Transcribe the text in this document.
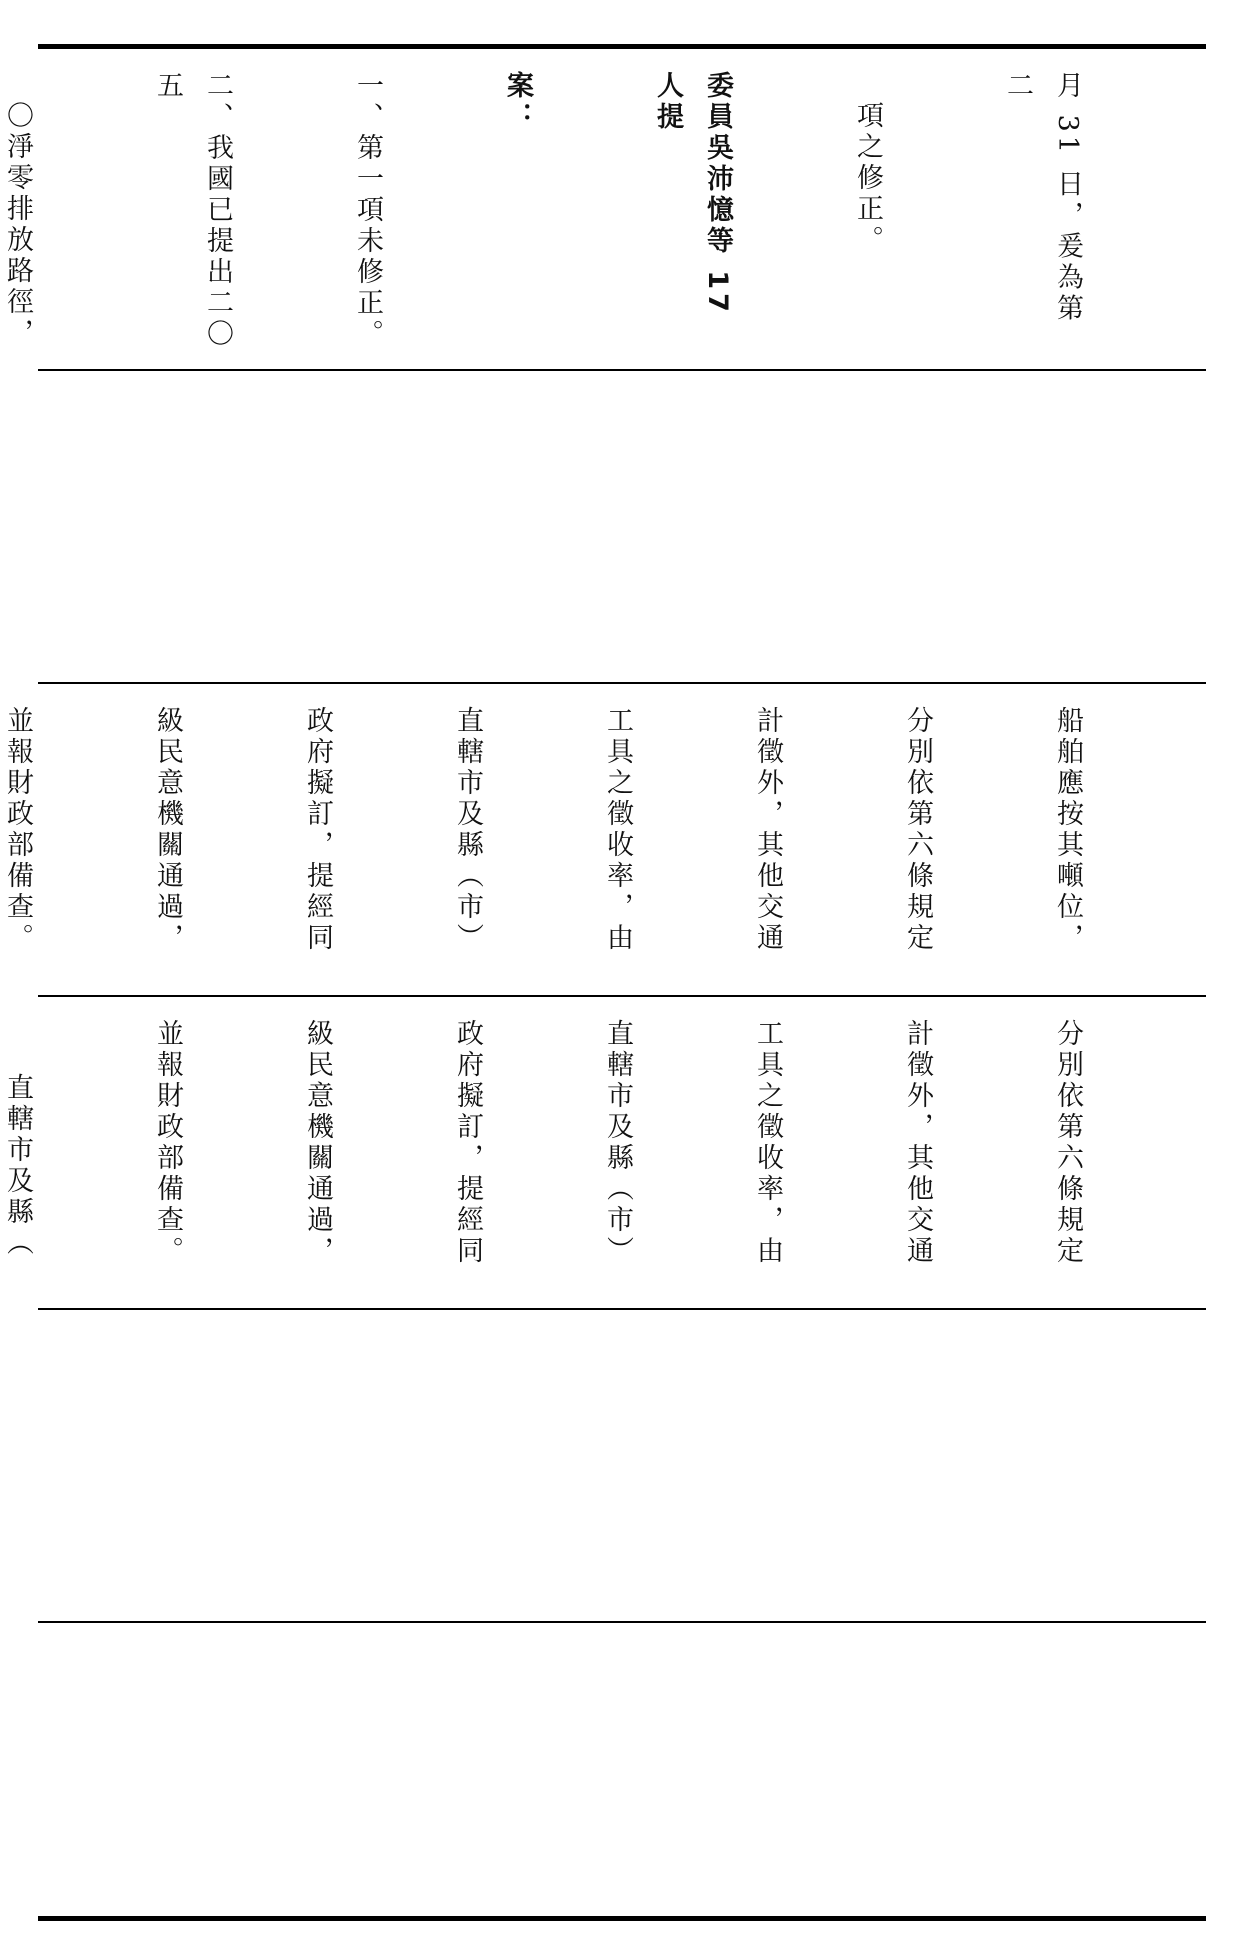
月 31 日，爰為第二

項之修正。

委員吳沛憶等 17 人提

案：

一、第一項未修正。

二、我國已提出二〇五

〇淨零排放路徑，

船舶應按其噸位，

分別依第六條規定

計徵外，其他交通

工具之徵收率，由

直轄市及縣（市）

政府擬訂，提經同

級民意機關通過，

並報財政部備查。

分別依第六條規定

計徵外，其他交通

工具之徵收率，由

直轄市及縣（市）

政府擬訂，提經同

級民意機關通過，

並報財政部備查。

直轄市及縣（
